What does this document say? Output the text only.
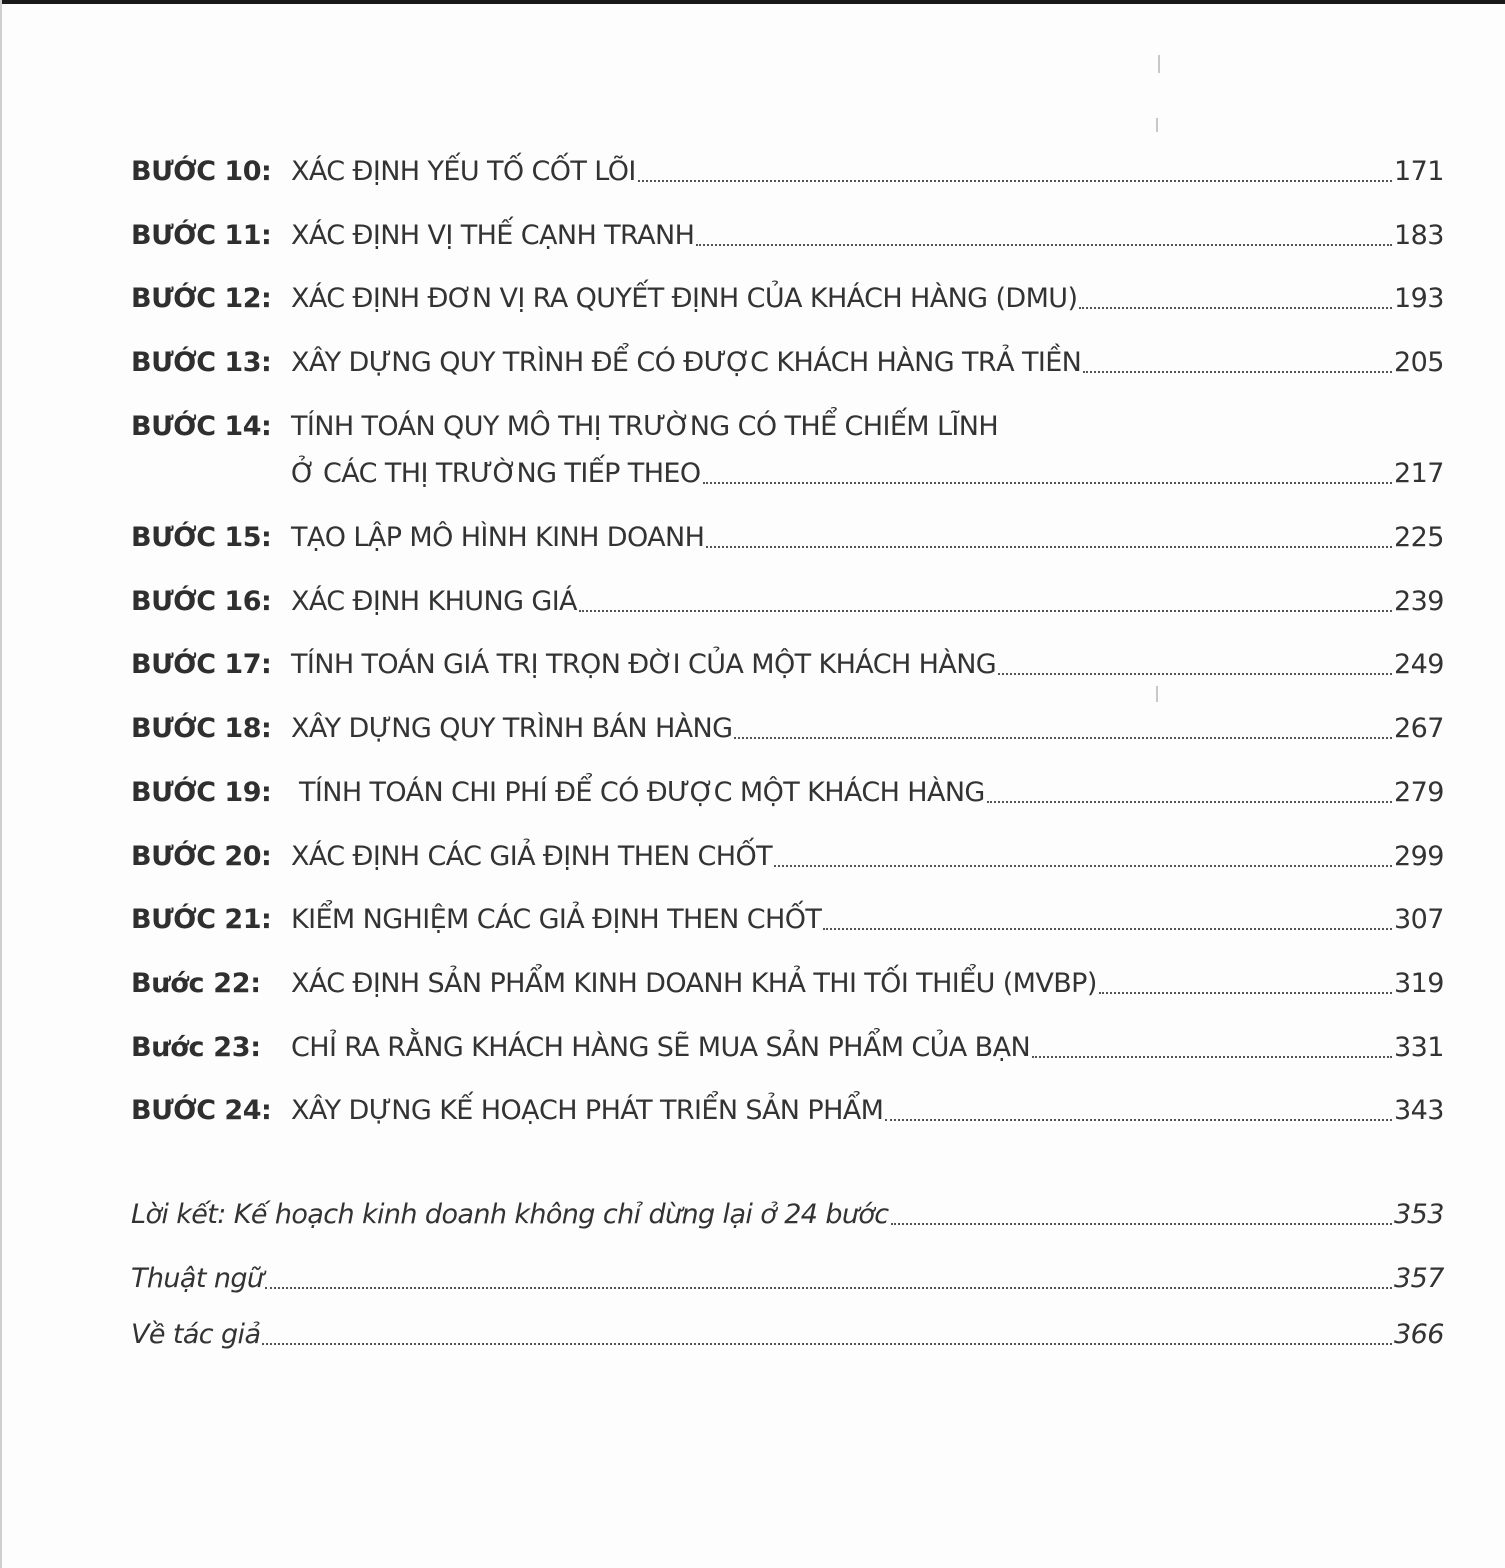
BƯỚC 10: XÁC ĐỊNH YẾU TỐ CỐT LÕI	171
BƯỚC 11: XÁC ĐỊNH VỊ THẾ CẠNH TRANH	183
BƯỚC 12: XÁC ĐỊNH ĐƠN VỊ RA QUYẾT ĐỊNH CỦA KHÁCH HÀNG (DMU)	193
BƯỚC 13: XÂY DỰNG QUY TRÌNH ĐỂ CÓ ĐƯỢC KHÁCH HÀNG TRẢ TIỀN	205
BƯỚC 14: TÍNH TOÁN QUY MÔ THỊ TRƯỜNG CÓ THỂ CHIẾM LĨNH
Ở CÁC THỊ TRƯỜNG TIẾP THEO	217
BƯỚC 15: TẠO LẬP MÔ HÌNH KINH DOANH	225
BƯỚC 16: XÁC ĐỊNH KHUNG GIÁ	239
BƯỚC 17: TÍNH TOÁN GIÁ TRỊ TRỌN ĐỜI CỦA MỘT KHÁCH HÀNG	249
BƯỚC 18: XÂY DỰNG QUY TRÌNH BÁN HÀNG	267
BƯỚC 19: TÍNH TOÁN CHI PHÍ ĐỂ CÓ ĐƯỢC MỘT KHÁCH HÀNG	279
BƯỚC 20: XÁC ĐỊNH CÁC GIẢ ĐỊNH THEN CHỐT	299
BƯỚC 21: KIỂM NGHIỆM CÁC GIẢ ĐỊNH THEN CHỐT	307
Bước 22:	XÁC ĐỊNH SẢN PHẨM KINH DOANH KHẢ THI TỐI THIỂU (MVBP)	319
Bước 23:	CHỈ RA RẰNG KHÁCH HÀNG SẼ MUA SẢN PHẨM CỦA BẠN	331
BƯỚC 24: XÂY DỰNG KẾ HOẠCH PHÁT TRIỂN SẢN PHẨM	343
Lời kết: Kế hoạch kinh doanh không chỉ dừng lại ở 24 bước	353
Thuật ngữ	357
Về tác giả	366
